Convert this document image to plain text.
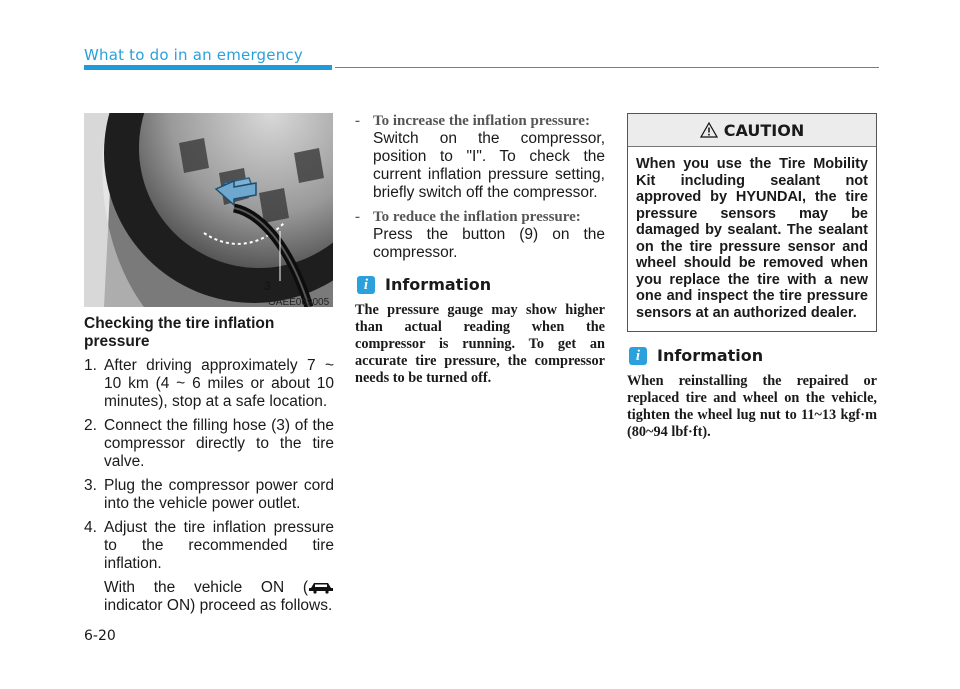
What to do in an emergency
3
OAEE069005
Checking the tire inflation pressure
1. After driving approximately 7 ~ 10 km (4 ~ 6 miles or about 10 minutes), stop at a safe location.
2. Connect the filling hose (3) of the compressor directly to the tire valve.
3. Plug the compressor power cord into the vehicle power outlet.
4. Adjust the tire inflation pressure to the recommended tire inflation.
With the vehicle ON ( indicator ON) proceed as follows.
- To increase the inflation pressure:
Switch on the compressor, position to "I". To check the current inflation pressure setting, briefly switch off the compressor.
- To reduce the inflation pressure:
Press the button (9) on the compressor.
i	Information
The pressure gauge may show higher than actual reading when the compressor is running. To get an accurate tire pressure, the compressor needs to be turned off.
CAUTION
When you use the Tire Mobility Kit including sealant not approved by HYUNDAI, the tire pressure sensors may be damaged by sealant. The sealant on the tire pressure sensor and wheel should be removed when you replace the tire with a new one and inspect the tire pressure sensors at an authorized dealer.
i	Information
When reinstalling the repaired or replaced tire and wheel on the vehicle, tighten the wheel lug nut to 11~13 kgf·m (80~94 lbf·ft).
6-20
